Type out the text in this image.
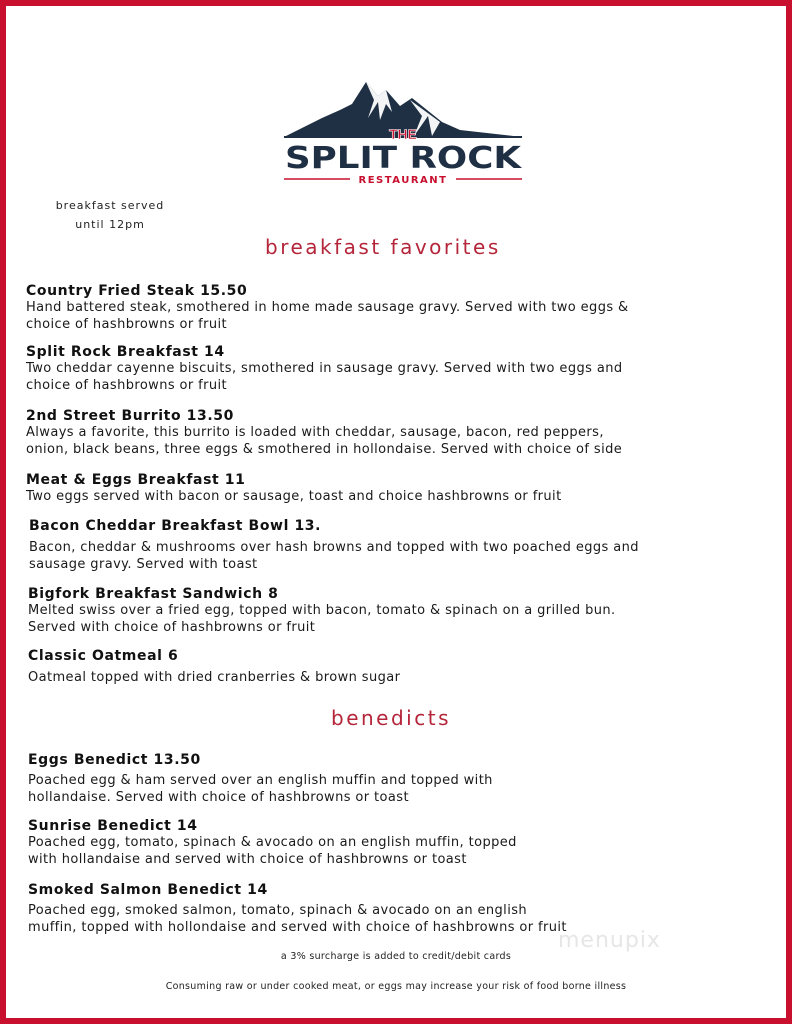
THE
SPLIT ROCK
RESTAURANT
breakfast served
until 12pm
breakfast favorites

Country Fried Steak 15.50

Hand battered steak, smothered in home made sausage gravy. Served with two eggs &

choice of hashbrowns or fruit

Split Rock Breakfast 14

Two cheddar cayenne biscuits, smothered in sausage gravy. Served with two eggs and

choice of hashbrowns or fruit

2nd Street Burrito 13.50

Always a favorite, this burrito is loaded with cheddar, sausage, bacon, red peppers,

onion, black beans, three eggs & smothered in hollondaise. Served with choice of side

Meat & Eggs Breakfast 11

Two eggs served with bacon or sausage, toast and choice hashbrowns or fruit

Bacon Cheddar Breakfast Bowl 13.

Bacon, cheddar & mushrooms over hash browns and topped with two poached eggs and

sausage gravy. Served with toast

Bigfork Breakfast Sandwich 8

Melted swiss over a fried egg, topped with bacon, tomato & spinach on a grilled bun.

Served with choice of hashbrowns or fruit

Classic Oatmeal 6

Oatmeal topped with dried cranberries & brown sugar

benedicts

Eggs Benedict 13.50

Poached egg & ham served over an english muffin and topped with

hollandaise. Served with choice of hashbrowns or toast

Sunrise Benedict 14

Poached egg, tomato, spinach & avocado on an english muffin, topped

with hollandaise and served with choice of hashbrowns or toast

Smoked Salmon Benedict 14

Poached egg, smoked salmon, tomato, spinach & avocado on an english

muffin, topped with hollondaise and served with choice of hashbrowns or fruit

menupix
a 3% surcharge is added to credit/debit cards
Consuming raw or under cooked meat, or eggs may increase your risk of food borne illness
